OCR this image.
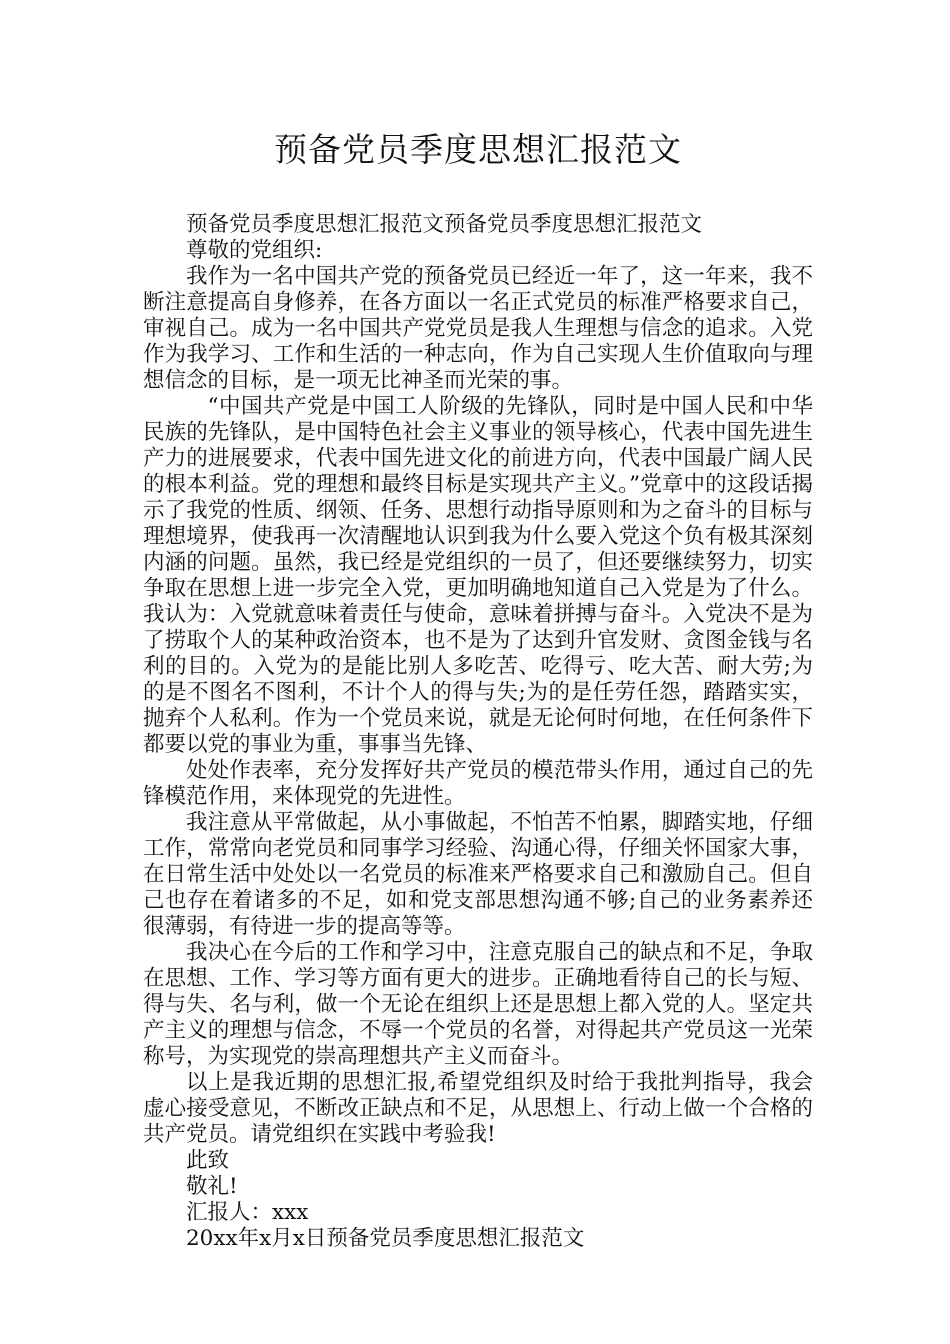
预备党员季度思想汇报范文

预备党员季度思想汇报范文预备党员季度思想汇报范文

尊敬的党组织:

我作为一名中国共产党的预备党员已经近一年了，这一年来，我不断注意提高自身修养，在各方面以一名正式党员的标准严格要求自己，审视自己。成为一名中国共产党党员是我人生理想与信念的追求。入党作为我学习、工作和生活的一种志向，作为自己实现人生价值取向与理想信念的目标，是一项无比神圣而光荣的事。

“中国共产党是中国工人阶级的先锋队，同时是中国人民和中华民族的先锋队，是中国特色社会主义事业的领导核心，代表中国先进生产力的进展要求，代表中国先进文化的前进方向，代表中国最广阔人民的根本利益。党的理想和最终目标是实现共产主义。”党章中的这段话揭示了我党的性质、纲领、任务、思想行动指导原则和为之奋斗的目标与理想境界，使我再一次清醒地认识到我为什么要入党这个负有极其深刻内涵的问题。虽然，我已经是党组织的一员了，但还要继续努力，切实争取在思想上进一步完全入党，更加明确地知道自己入党是为了什么。我认为：入党就意味着责任与使命，意味着拼搏与奋斗。入党决不是为了捞取个人的某种政治资本，也不是为了达到升官发财、贪图金钱与名利的目的。入党为的是能比别人多吃苦、吃得亏、吃大苦、耐大劳;为的是不图名不图利，不计个人的得与失;为的是任劳任怨，踏踏实实，抛弃个人私利。作为一个党员来说，就是无论何时何地，在任何条件下都要以党的事业为重，事事当先锋、

处处作表率，充分发挥好共产党员的模范带头作用，通过自己的先锋模范作用，来体现党的先进性。

我注意从平常做起，从小事做起，不怕苦不怕累，脚踏实地，仔细工作，常常向老党员和同事学习经验、沟通心得，仔细关怀国家大事，在日常生活中处处以一名党员的标准来严格要求自己和激励自己。但自己也存在着诸多的不足，如和党支部思想沟通不够;自己的业务素养还很薄弱，有待进一步的提高等等。

我决心在今后的工作和学习中，注意克服自己的缺点和不足，争取在思想、工作、学习等方面有更大的进步。正确地看待自己的长与短、得与失、名与利，做一个无论在组织上还是思想上都入党的人。坚定共产主义的理想与信念，不辱一个党员的名誉，对得起共产党员这一光荣称号，为实现党的崇高理想共产主义而奋斗。

以上是我近期的思想汇报,希望党组织及时给于我批判指导，我会虚心接受意见，不断改正缺点和不足，从思想上、行动上做一个合格的共产党员。请党组织在实践中考验我!

此致

敬礼!

汇报人：xxx

20xx年x月x日预备党员季度思想汇报范文
